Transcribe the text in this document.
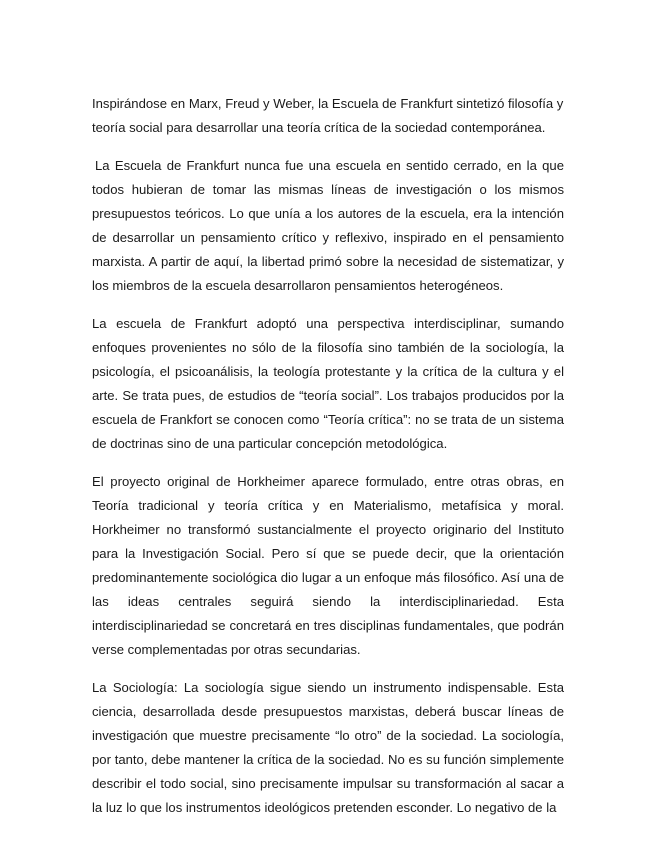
Inspirándose en Marx, Freud y Weber, la Escuela de Frankfurt sintetizó filosofía y teoría social para desarrollar una teoría crítica de la sociedad contemporánea.

La Escuela de Frankfurt nunca fue una escuela en sentido cerrado, en la que todos hubieran de tomar las mismas líneas de investigación o los mismos presupuestos teóricos. Lo que unía a los autores de la escuela, era la intención de desarrollar un pensamiento crítico y reflexivo, inspirado en el pensamiento marxista. A partir de aquí, la libertad primó sobre la necesidad de sistematizar, y los miembros de la escuela desarrollaron pensamientos heterogéneos.

La escuela de Frankfurt adoptó una perspectiva interdisciplinar, sumando enfoques provenientes no sólo de la filosofía sino también de la sociología, la psicología, el psicoanálisis, la teología protestante y la crítica de la cultura y el arte. Se trata pues, de estudios de “teoría social”. Los trabajos producidos por la escuela de Frankfort se conocen como “Teoría crítica”: no se trata de un sistema de doctrinas sino de una particular concepción metodológica.

El proyecto original de Horkheimer aparece formulado, entre otras obras, en Teoría tradicional y teoría crítica y en Materialismo, metafísica y moral. Horkheimer no transformó sustancialmente el proyecto originario del Instituto para la Investigación Social. Pero sí que se puede decir, que la orientación predominantemente sociológica dio lugar a un enfoque más filosófico. Así una de las ideas centrales seguirá siendo la interdisciplinariedad. Esta interdisciplinariedad se concretará en tres disciplinas fundamentales, que podrán verse complementadas por otras secundarias.

La Sociología: La sociología sigue siendo un instrumento indispensable. Esta ciencia, desarrollada desde presupuestos marxistas, deberá buscar líneas de investigación que muestre precisamente “lo otro” de la sociedad. La sociología, por tanto, debe mantener la crítica de la sociedad. No es su función simplemente describir el todo social, sino precisamente impulsar su transformación al sacar a la luz lo que los instrumentos ideológicos pretenden esconder. Lo negativo de la
